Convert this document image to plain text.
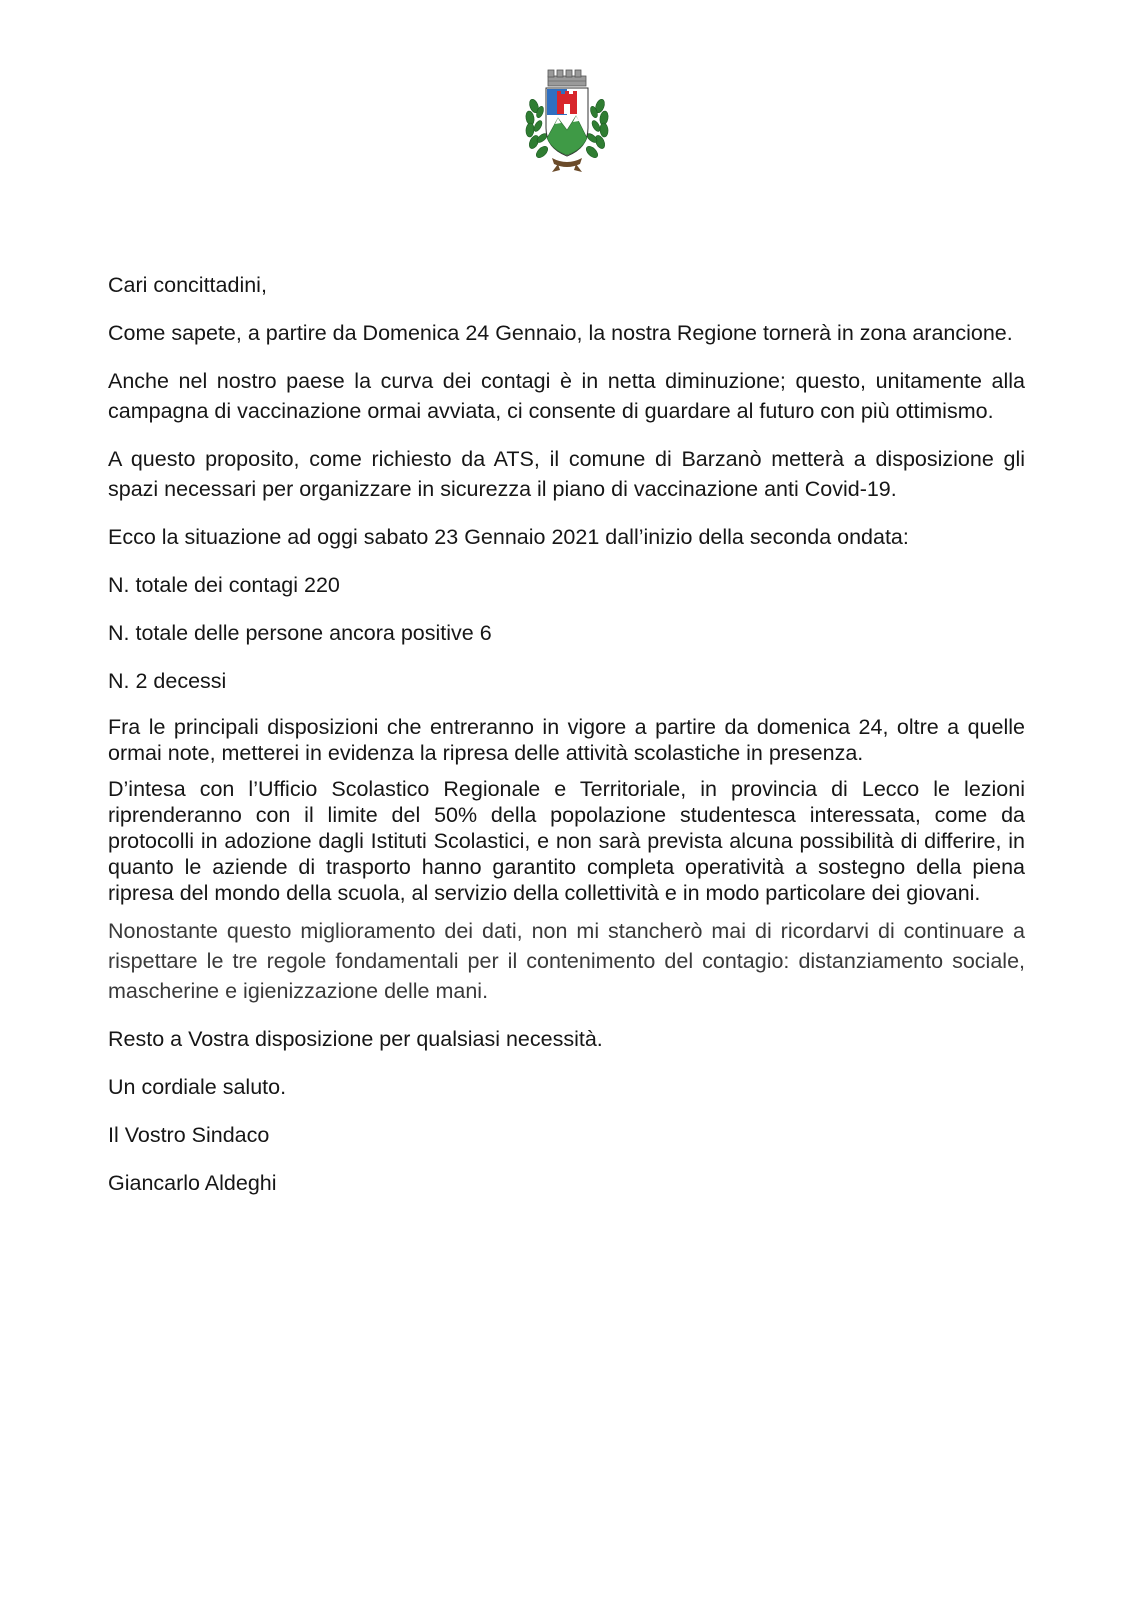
Cari concittadini,

Come sapete, a partire da Domenica 24 Gennaio, la nostra Regione tornerà in zona arancione.

Anche nel nostro paese la curva dei contagi è in netta diminuzione; questo, unitamente alla campagna di vaccinazione ormai avviata, ci consente di guardare al futuro con più ottimismo.

A questo proposito, come richiesto da ATS, il comune di Barzanò metterà a disposizione gli spazi necessari per organizzare in sicurezza il piano di vaccinazione anti Covid-19.

Ecco la situazione ad oggi sabato 23 Gennaio 2021 dall’inizio della seconda ondata:

N. totale dei contagi 220

N. totale delle persone ancora positive 6

N. 2 decessi

Fra le principali disposizioni che entreranno in vigore a partire da domenica 24, oltre a quelle ormai note, metterei in evidenza la ripresa delle attività scolastiche in presenza.

D’intesa con l’Ufficio Scolastico Regionale e Territoriale, in provincia di Lecco le lezioni riprenderanno con il limite del 50% della popolazione studentesca interessata, come da protocolli in adozione dagli Istituti Scolastici, e non sarà prevista alcuna possibilità di differire, in quanto le aziende di trasporto hanno garantito completa operatività a sostegno della piena ripresa del mondo della scuola, al servizio della collettività e in modo particolare dei giovani.

Nonostante questo miglioramento dei dati, non mi stancherò mai di ricordarvi di continuare a rispettare le tre regole fondamentali per il contenimento del contagio: distanziamento sociale, mascherine e igienizzazione delle mani.

Resto a Vostra disposizione per qualsiasi necessità.

Un cordiale saluto.

Il Vostro Sindaco

Giancarlo Aldeghi
